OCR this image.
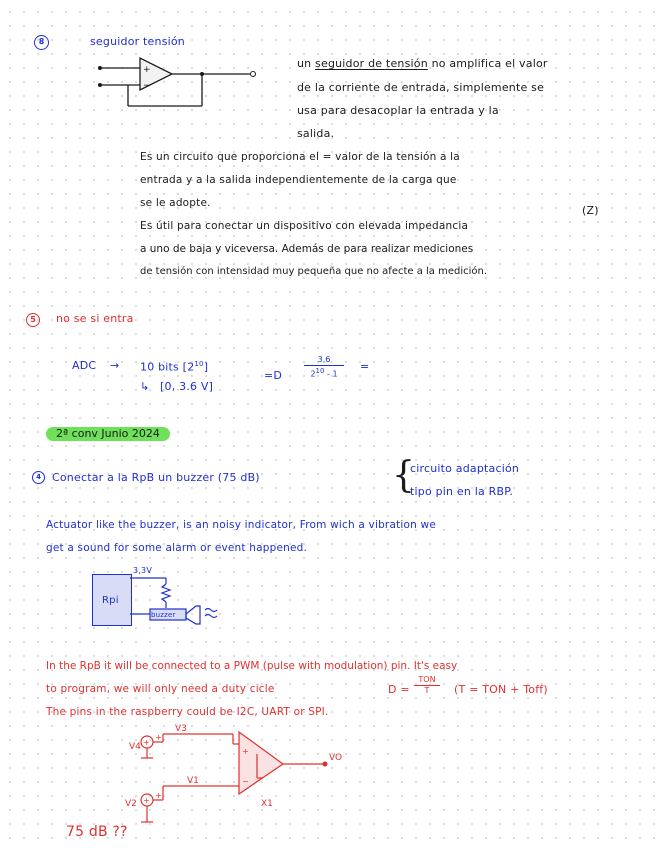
8	seguidor tensión
+
−
un seguidor de tensión no amplifica el valor
de la corriente de entrada, simplemente se
usa para desacoplar la entrada y la
salida.
Es un circuito que proporciona el = valor de la tensión a la
entrada y a la salida independientemente de la carga que
se le adopte.
(Z)
Es útil para conectar un dispositivo con elevada impedancia
a uno de baja y viceversa. Además de para realizar mediciones
de tensión con intensidad muy pequeña que no afecte a la medición.
5	no se si entra
ADC → 10 bits $[2^{10}]$
↳ [0, 3.6 V]
=D	$\frac{3,6}{2^{10} - 1}$ =
2ª conv Junio 2024
4	Conectar a la RpB un buzzer (75 dB)	{
circuito adaptación
tipo pin en la RBP.
Actuator like the buzzer, is an noisy indicator, From wich a vibration we
get a sound for some alarm or event happened.
Rpi
3,3V
buzzer
In the RpB it will be connected to a PWM (pulse with modulation) pin. It's easy
to program, we will only need a duty cicle	D =
TON
T	(T = TON + Toff)
The pins in the raspberry could be I2C, UART or SPI.
+
+
+
+
+
−
V4
V3
V1
V2
VO
X1
75 dB ??
